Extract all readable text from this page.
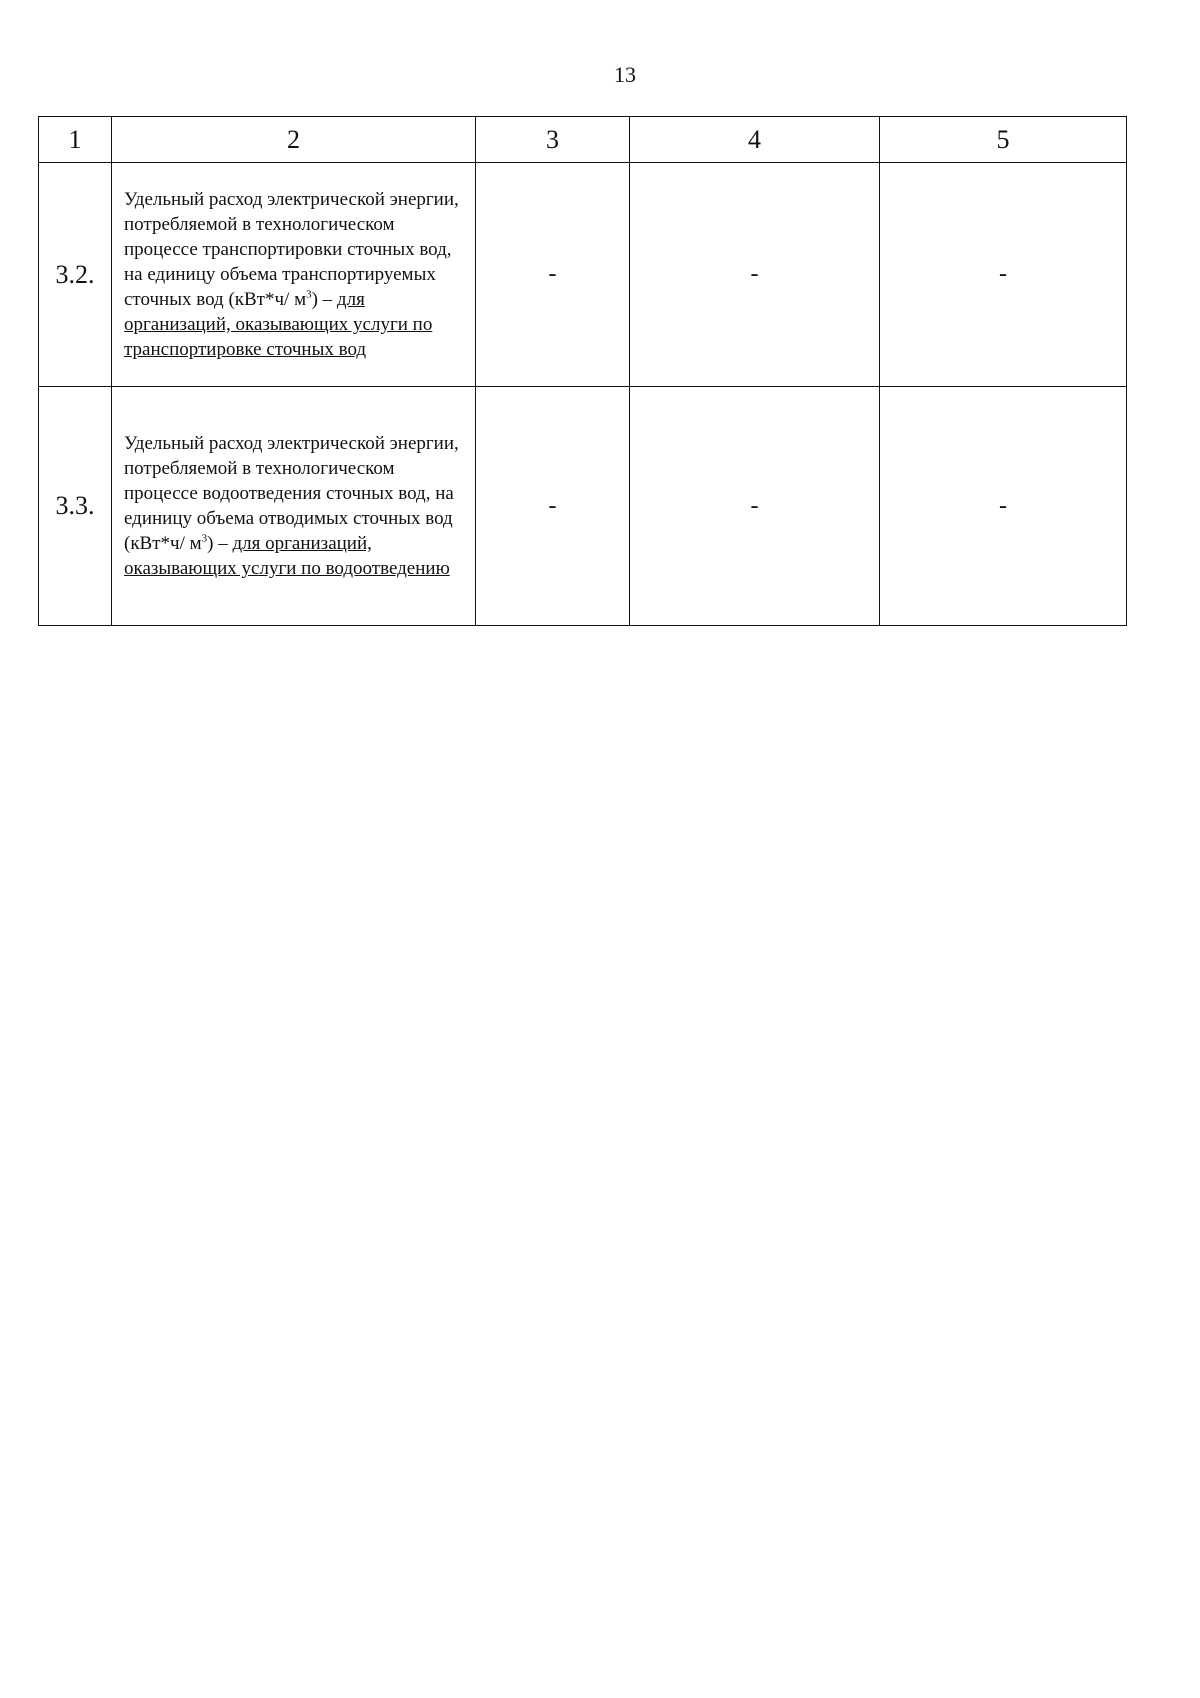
13
1	2	3	4	5
3.2.	Удельный расход электрической энергии, потребляемой в технологическом процессе транспортировки сточных вод, на единицу объема транспортируемых сточных вод (кВт*ч/ $м^3$) – для организаций, оказывающих услуги по транспортировке сточных вод	-	-	-
3.3.	Удельный расход электрической энергии, потребляемой в технологическом процессе водоотведения сточных вод, на единицу объема отводимых сточных вод (кВт*ч/ $м^3$) – для организаций, оказывающих услуги по водоотведению	-	-	-
